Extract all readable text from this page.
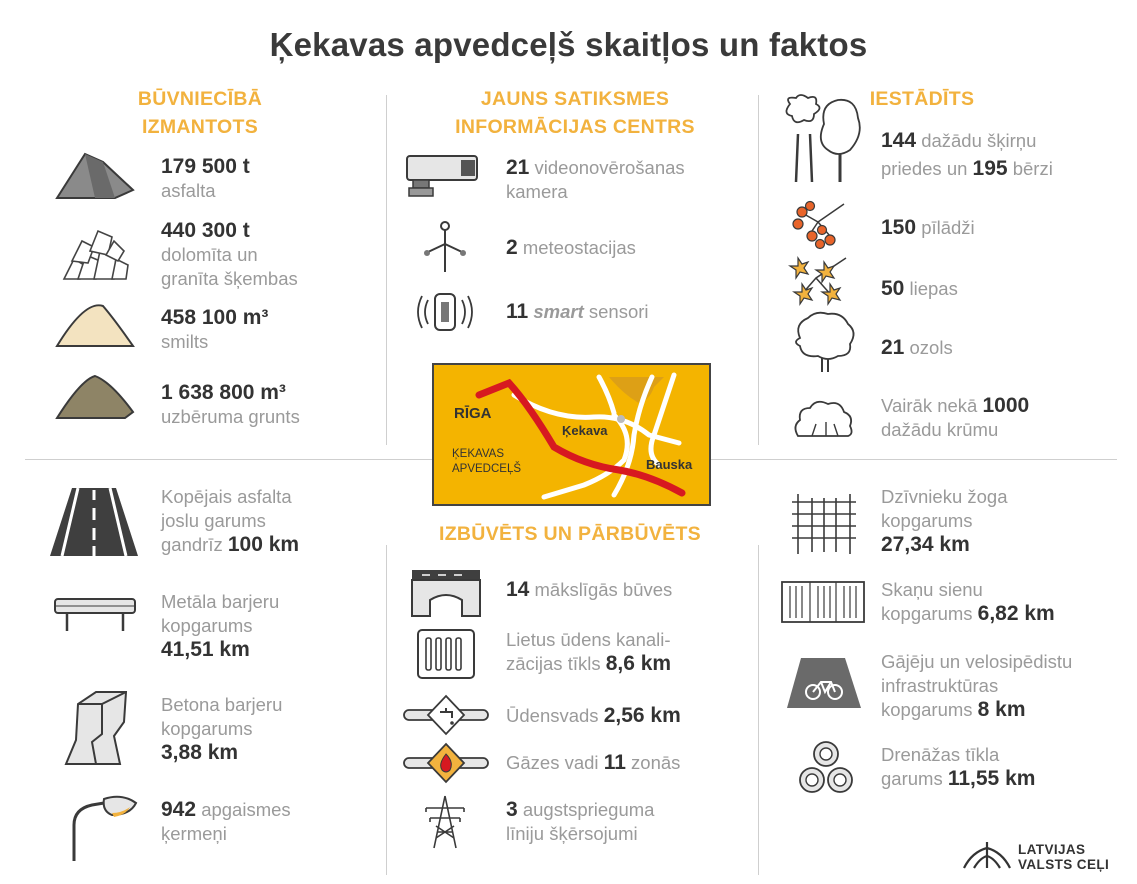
Ķekavas apvedceļš skaitļos un faktos
BŪVNIECĪBĀ
IZMANTOTS
JAUNS SATIKSMES
INFORMĀCIJAS CENTRS
IESTĀDĪTS
IZBŪVĒTS UN PĀRBŪVĒTS
179 500 t
asfalta
440 300 t
dolomīta un
granīta šķembas
458 100 m³
smilts
1 638 800 m³
uzbēruma grunts
21 videonovērošanas
kamera
2 meteostacijas
11 smart sensori
RĪGA
Ķekava
Bauska
ĶEKAVAS
APVEDCEĻŠ
144 dažādu šķirņu
priedes un 195 bērzi
150 pīlādži
50 liepas
21 ozols
Vairāk nekā 1000
dažādu krūmu
Kopējais asfalta
joslu garums
gandrīz 100 km
Metāla barjeru
kopgarums
41,51 km
Betona barjeru
kopgarums
3,88 km
942 apgaismes
ķermeņi
14 mākslīgās būves
Lietus ūdens kanali-
zācijas tīkls 8,6 km
Ūdensvads 2,56 km
Gāzes vadi 11 zonās
3 augstsprieguma
līniju šķērsojumi
Dzīvnieku žoga
kopgarums
27,34 km
Skaņu sienu
kopgarums 6,82 km
Gājēju un velosipēdistu
infrastruktūras
kopgarums 8 km
Drenāžas tīkla
garums 11,55 km
LATVIJAS
VALSTS CEĻI
